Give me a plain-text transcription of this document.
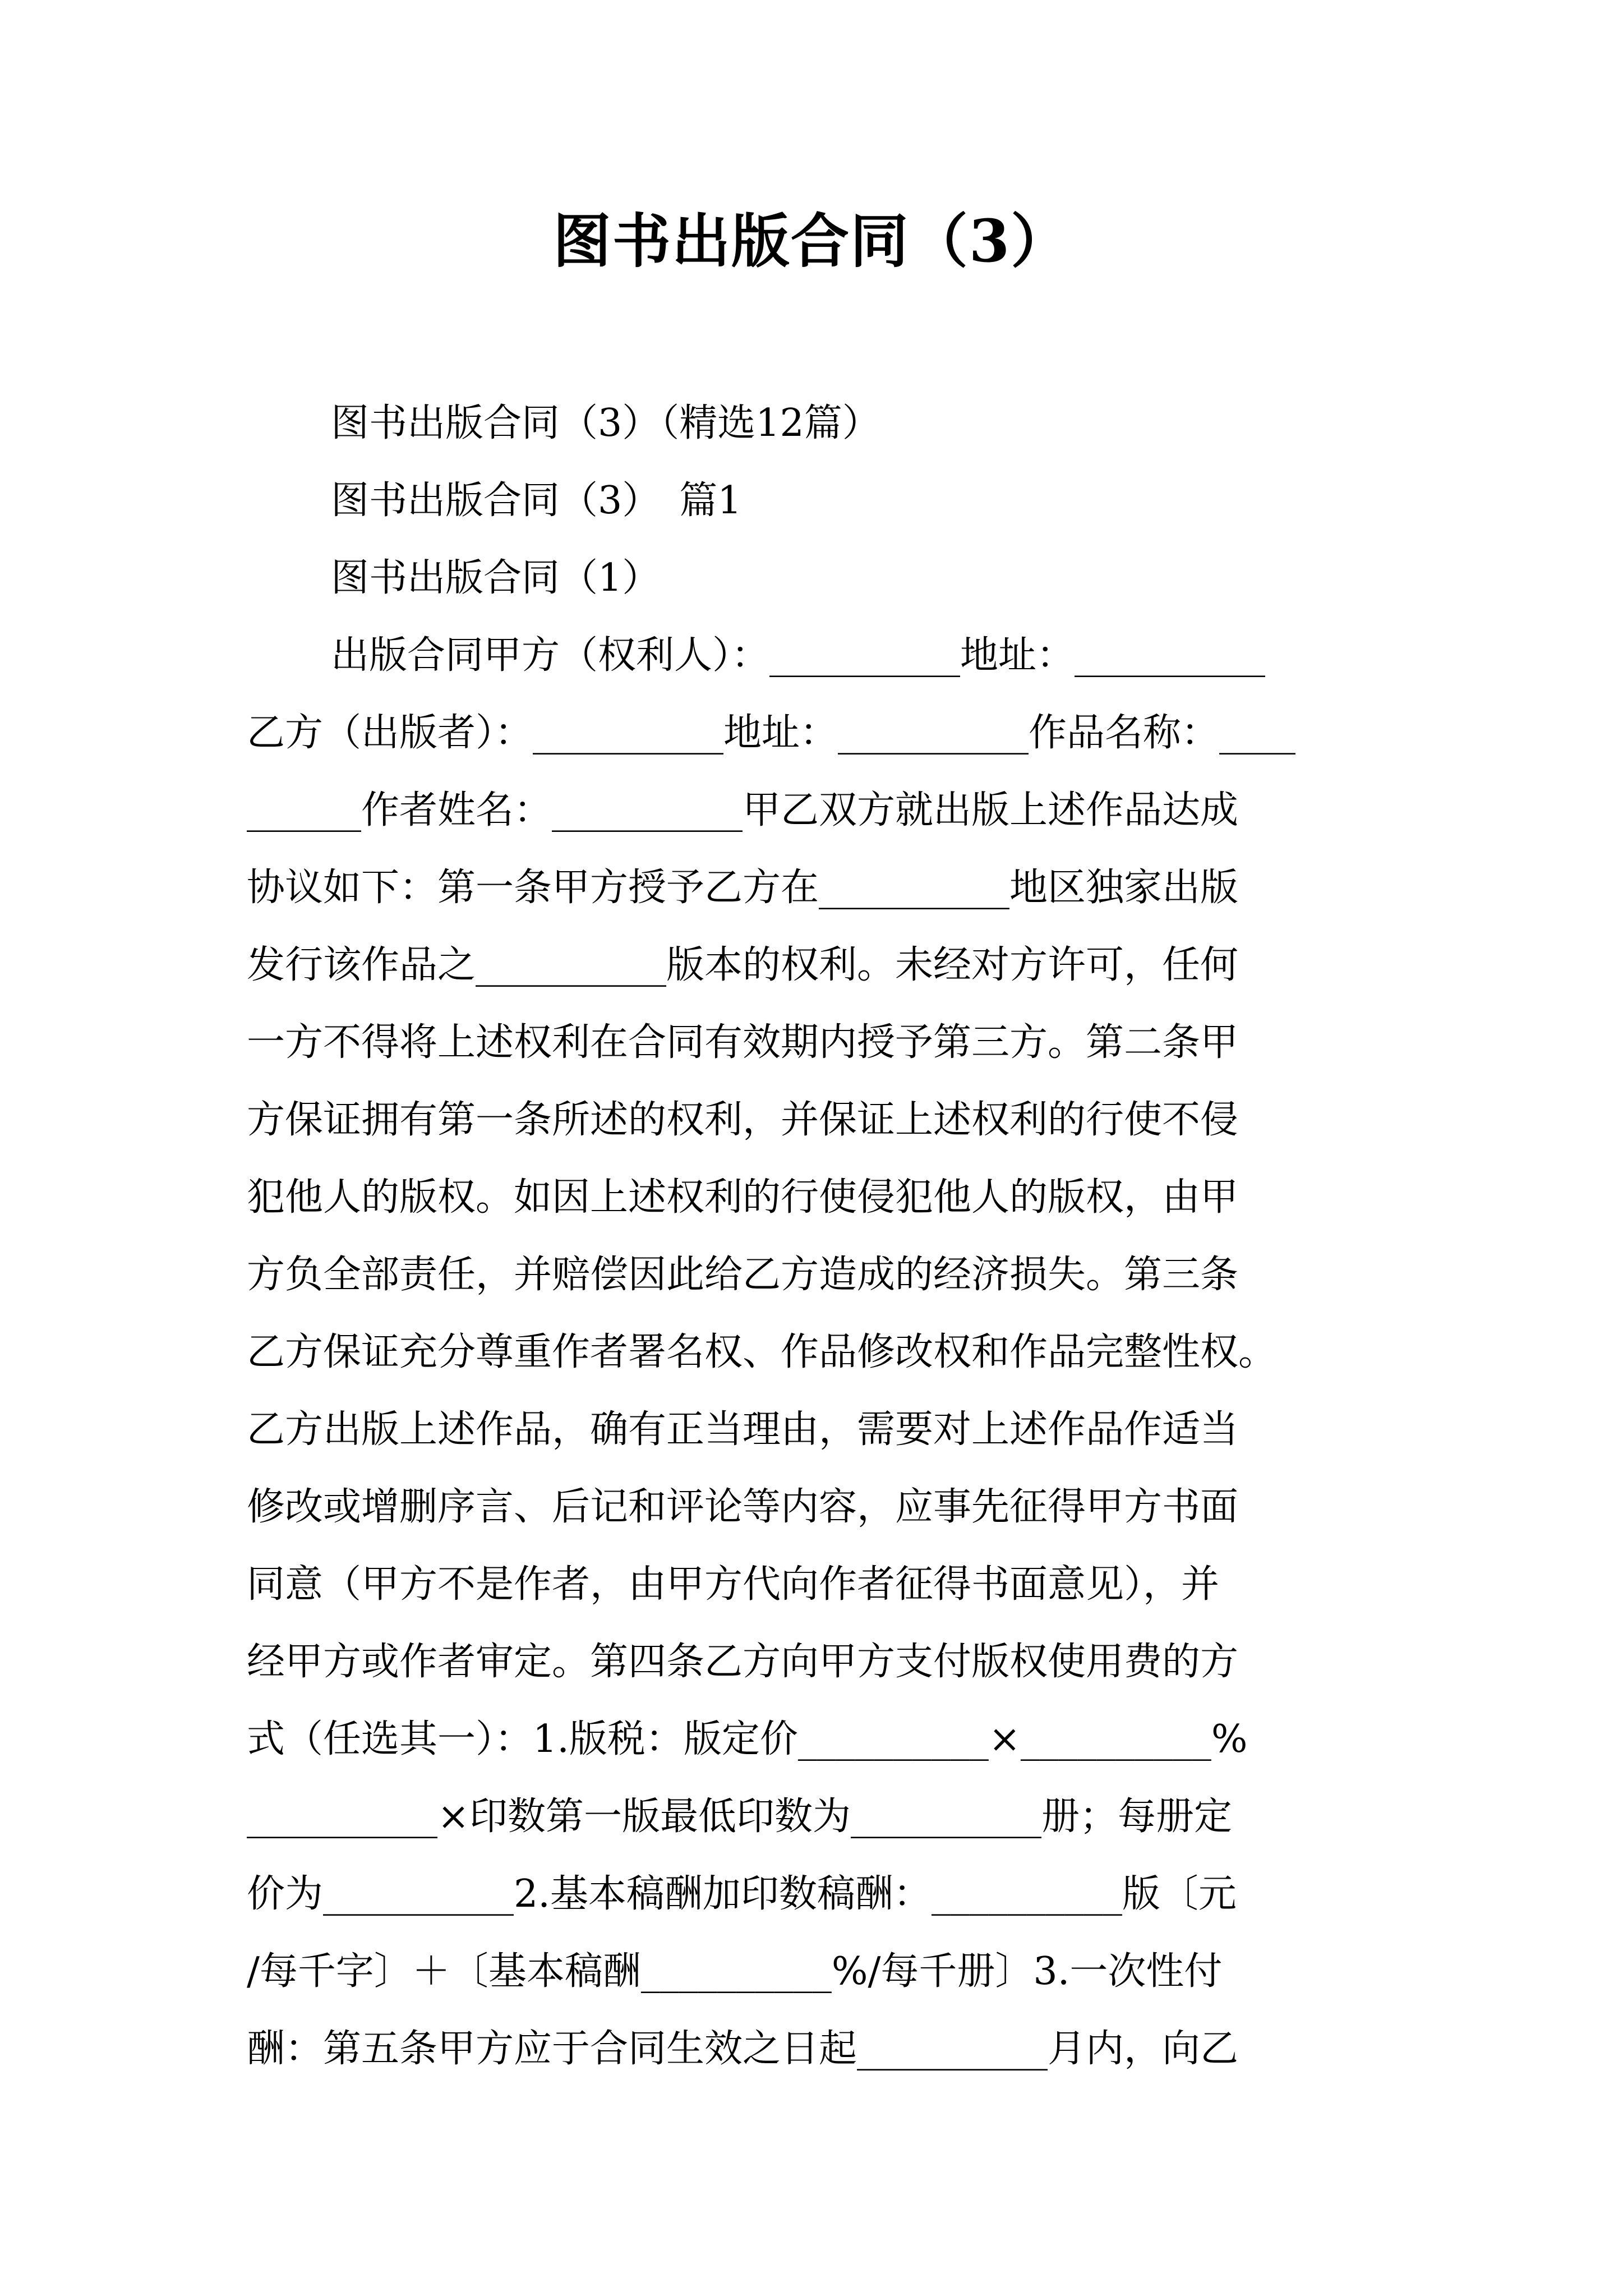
图书出版合同（3）

图书出版合同（3）（精选12篇）

图书出版合同（3）　篇1

图书出版合同（1）

出版合同甲方（权利人）：__________地址：__________

乙方（出版者）：__________地址：__________作品名称：____

______作者姓名：__________甲乙双方就出版上述作品达成

协议如下：第一条甲方授予乙方在__________地区独家出版

发行该作品之__________版本的权利。未经对方许可，任何

一方不得将上述权利在合同有效期内授予第三方。第二条甲

方保证拥有第一条所述的权利，并保证上述权利的行使不侵

犯他人的版权。如因上述权利的行使侵犯他人的版权，由甲

方负全部责任，并赔偿因此给乙方造成的经济损失。第三条

乙方保证充分尊重作者署名权、作品修改权和作品完整性权。

乙方出版上述作品，确有正当理由，需要对上述作品作适当

修改或增删序言、后记和评论等内容，应事先征得甲方书面

同意（甲方不是作者，由甲方代向作者征得书面意见），并

经甲方或作者审定。第四条乙方向甲方支付版权使用费的方

式（任选其一）：1.版税：版定价__________×__________%

__________×印数第一版最低印数为__________册；每册定

价为__________2.基本稿酬加印数稿酬：__________版〔元

/每千字〕＋〔基本稿酬__________%/每千册〕3.一次性付

酬：第五条甲方应于合同生效之日起__________月内，向乙
